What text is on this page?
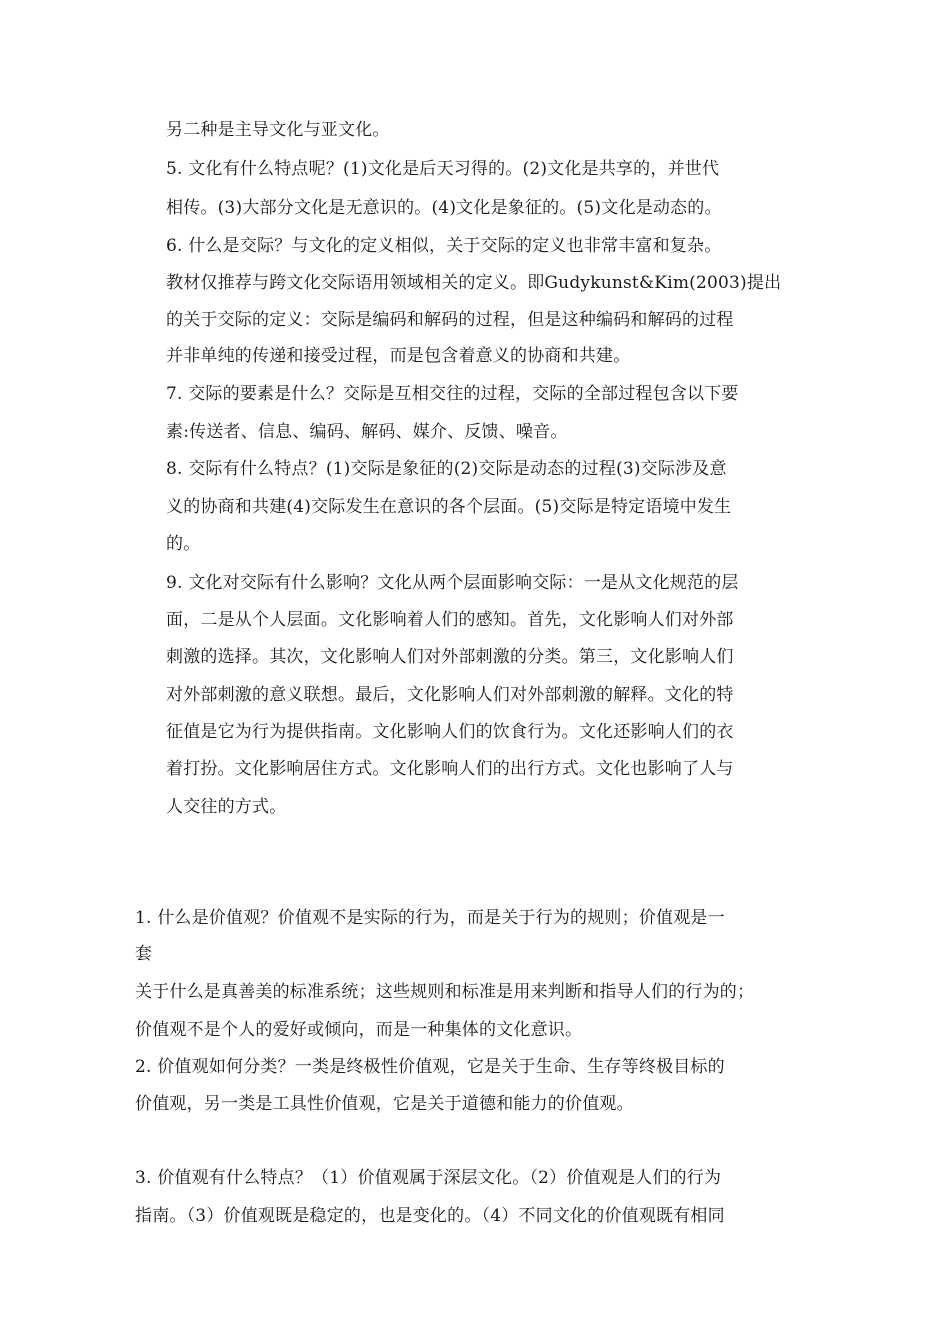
另二种是主导文化与亚文化。
5. 文化有什么特点呢？(1)文化是后天习得的。(2)文化是共享的，并世代
相传。(3)大部分文化是无意识的。(4)文化是象征的。(5)文化是动态的。
6. 什么是交际？与文化的定义相似，关于交际的定义也非常丰富和复杂。
教材仅推荐与跨文化交际语用领域相关的定义。即Gudykunst&Kim(2003)提出
的关于交际的定义：交际是编码和解码的过程，但是这种编码和解码的过程
并非单纯的传递和接受过程，而是包含着意义的协商和共建。
7. 交际的要素是什么？交际是互相交往的过程，交际的全部过程包含以下要
素:传送者、信息、编码、解码、媒介、反馈、噪音。
8. 交际有什么特点？(1)交际是象征的(2)交际是动态的过程(3)交际涉及意
义的协商和共建(4)交际发生在意识的各个层面。(5)交际是特定语境中发生
的。
9. 文化对交际有什么影响？文化从两个层面影响交际：一是从文化规范的层
面，二是从个人层面。文化影响着人们的感知。首先，文化影响人们对外部
刺激的选择。其次，文化影响人们对外部刺激的分类。第三，文化影响人们
对外部刺激的意义联想。最后，文化影响人们对外部刺激的解释。文化的特
征值是它为行为提供指南。文化影响人们的饮食行为。文化还影响人们的衣
着打扮。文化影响居住方式。文化影响人们的出行方式。文化也影响了人与
人交往的方式。
1. 什么是价值观？价值观不是实际的行为，而是关于行为的规则；价值观是一
套
关于什么是真善美的标准系统；这些规则和标准是用来判断和指导人们的行为的；
价值观不是个人的爱好或倾向，而是一种集体的文化意识。
2. 价值观如何分类？一类是终极性价值观，它是关于生命、生存等终极目标的
价值观，另一类是工具性价值观，它是关于道德和能力的价值观。
3. 价值观有什么特点？（1）价值观属于深层文化。（2）价值观是人们的行为
指南。（3）价值观既是稳定的，也是变化的。（4）不同文化的价值观既有相同
